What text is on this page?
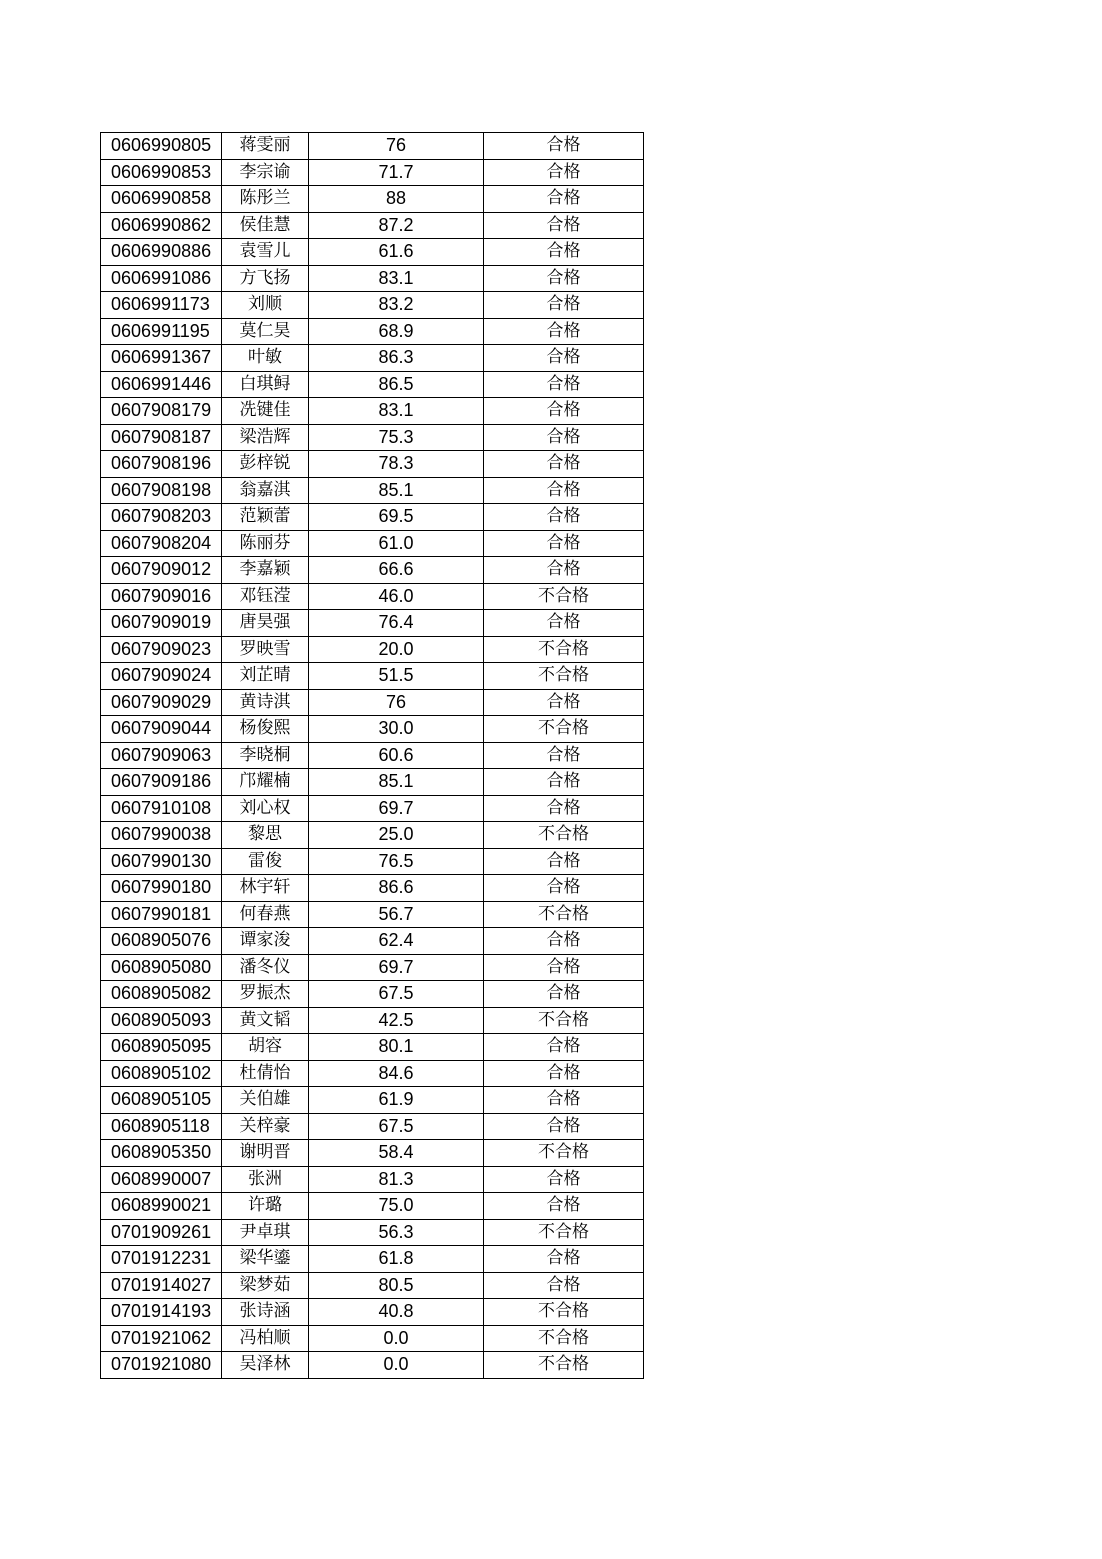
0606990805	蒋雯丽	76	合格
0606990853	李宗谕	71.7	合格
0606990858	陈彤兰	88	合格
0606990862	侯佳慧	87.2	合格
0606990886	袁雪儿	61.6	合格
0606991086	方飞扬	83.1	合格
0606991173	刘顺	83.2	合格
0606991195	莫仁昊	68.9	合格
0606991367	叶敏	86.3	合格
0606991446	白琪鲟	86.5	合格
0607908179	冼键佳	83.1	合格
0607908187	梁浩辉	75.3	合格
0607908196	彭梓锐	78.3	合格
0607908198	翁嘉淇	85.1	合格
0607908203	范颖蕾	69.5	合格
0607908204	陈丽芬	61.0	合格
0607909012	李嘉颖	66.6	合格
0607909016	邓钰滢	46.0	不合格
0607909019	唐昊强	76.4	合格
0607909023	罗映雪	20.0	不合格
0607909024	刘芷晴	51.5	不合格
0607909029	黄诗淇	76	合格
0607909044	杨俊熙	30.0	不合格
0607909063	李晓桐	60.6	合格
0607909186	邝耀楠	85.1	合格
0607910108	刘心权	69.7	合格
0607990038	黎思	25.0	不合格
0607990130	雷俊	76.5	合格
0607990180	林宇轩	86.6	合格
0607990181	何春燕	56.7	不合格
0608905076	谭家浚	62.4	合格
0608905080	潘冬仪	69.7	合格
0608905082	罗振杰	67.5	合格
0608905093	黄文韬	42.5	不合格
0608905095	胡容	80.1	合格
0608905102	杜倩怡	84.6	合格
0608905105	关伯雄	61.9	合格
0608905118	关梓豪	67.5	合格
0608905350	谢明晋	58.4	不合格
0608990007	张洲	81.3	合格
0608990021	许璐	75.0	合格
0701909261	尹卓琪	56.3	不合格
0701912231	梁华鎏	61.8	合格
0701914027	梁梦茹	80.5	合格
0701914193	张诗涵	40.8	不合格
0701921062	冯柏顺	0.0	不合格
0701921080	吴泽林	0.0	不合格
